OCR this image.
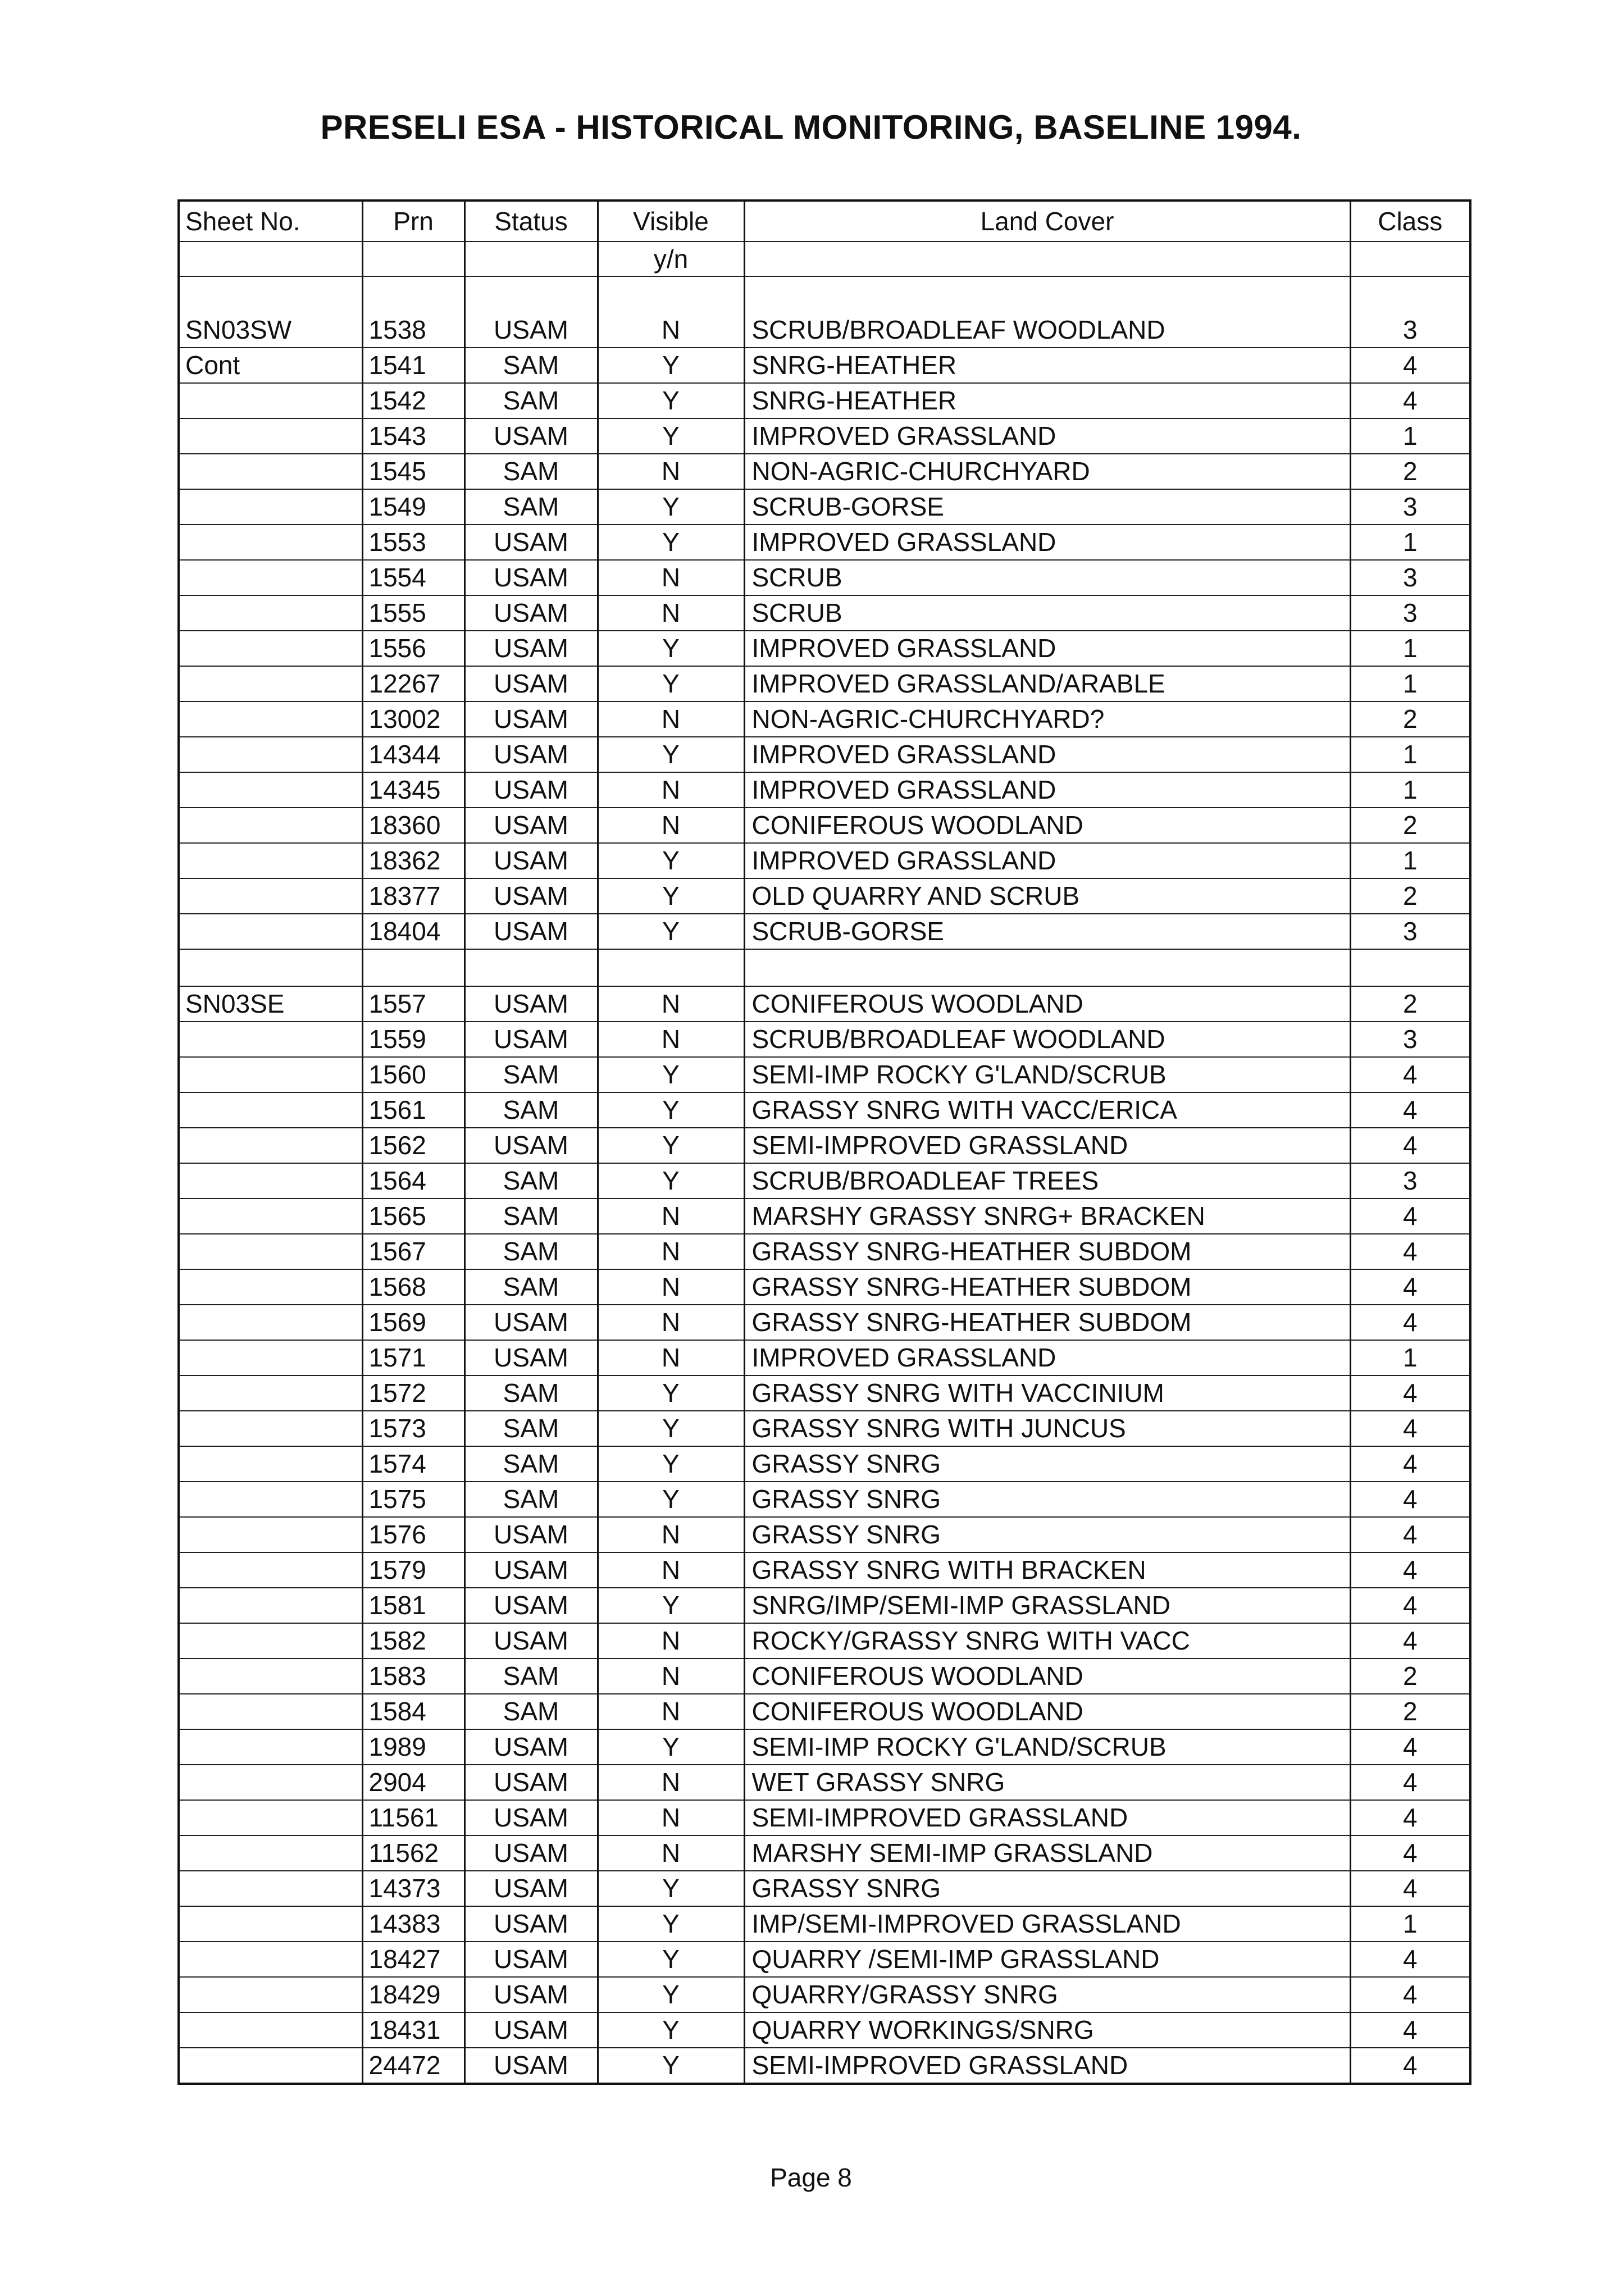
PRESELI ESA - HISTORICAL MONITORING, BASELINE 1994.
Sheet No.	Prn	Status	Visible	Land Cover	Class
			y/n		

SN03SW	1538	USAM	N	SCRUB/BROADLEAF WOODLAND	3
Cont	1541	SAM	Y	SNRG-HEATHER	4
	1542	SAM	Y	SNRG-HEATHER	4
	1543	USAM	Y	IMPROVED GRASSLAND	1
	1545	SAM	N	NON-AGRIC-CHURCHYARD	2
	1549	SAM	Y	SCRUB-GORSE	3
	1553	USAM	Y	IMPROVED GRASSLAND	1
	1554	USAM	N	SCRUB	3
	1555	USAM	N	SCRUB	3
	1556	USAM	Y	IMPROVED GRASSLAND	1
	12267	USAM	Y	IMPROVED GRASSLAND/ARABLE	1
	13002	USAM	N	NON-AGRIC-CHURCHYARD?	2
	14344	USAM	Y	IMPROVED GRASSLAND	1
	14345	USAM	N	IMPROVED GRASSLAND	1
	18360	USAM	N	CONIFEROUS WOODLAND	2
	18362	USAM	Y	IMPROVED GRASSLAND	1
	18377	USAM	Y	OLD QUARRY AND SCRUB	2
	18404	USAM	Y	SCRUB-GORSE	3

SN03SE	1557	USAM	N	CONIFEROUS WOODLAND	2
	1559	USAM	N	SCRUB/BROADLEAF WOODLAND	3
	1560	SAM	Y	SEMI-IMP ROCKY G'LAND/SCRUB	4
	1561	SAM	Y	GRASSY SNRG WITH VACC/ERICA	4
	1562	USAM	Y	SEMI-IMPROVED GRASSLAND	4
	1564	SAM	Y	SCRUB/BROADLEAF TREES	3
	1565	SAM	N	MARSHY GRASSY SNRG+ BRACKEN	4
	1567	SAM	N	GRASSY SNRG-HEATHER SUBDOM	4
	1568	SAM	N	GRASSY SNRG-HEATHER SUBDOM	4
	1569	USAM	N	GRASSY SNRG-HEATHER SUBDOM	4
	1571	USAM	N	IMPROVED GRASSLAND	1
	1572	SAM	Y	GRASSY SNRG WITH VACCINIUM	4
	1573	SAM	Y	GRASSY SNRG WITH JUNCUS	4
	1574	SAM	Y	GRASSY SNRG	4
	1575	SAM	Y	GRASSY SNRG	4
	1576	USAM	N	GRASSY SNRG	4
	1579	USAM	N	GRASSY SNRG WITH BRACKEN	4
	1581	USAM	Y	SNRG/IMP/SEMI-IMP GRASSLAND	4
	1582	USAM	N	ROCKY/GRASSY SNRG WITH VACC	4
	1583	SAM	N	CONIFEROUS WOODLAND	2
	1584	SAM	N	CONIFEROUS WOODLAND	2
	1989	USAM	Y	SEMI-IMP ROCKY G'LAND/SCRUB	4
	2904	USAM	N	WET GRASSY SNRG	4
	11561	USAM	N	SEMI-IMPROVED GRASSLAND	4
	11562	USAM	N	MARSHY SEMI-IMP GRASSLAND	4
	14373	USAM	Y	GRASSY SNRG	4
	14383	USAM	Y	IMP/SEMI-IMPROVED GRASSLAND	1
	18427	USAM	Y	QUARRY /SEMI-IMP GRASSLAND	4
	18429	USAM	Y	QUARRY/GRASSY SNRG	4
	18431	USAM	Y	QUARRY WORKINGS/SNRG	4
	24472	USAM	Y	SEMI-IMPROVED GRASSLAND	4
Page 8
